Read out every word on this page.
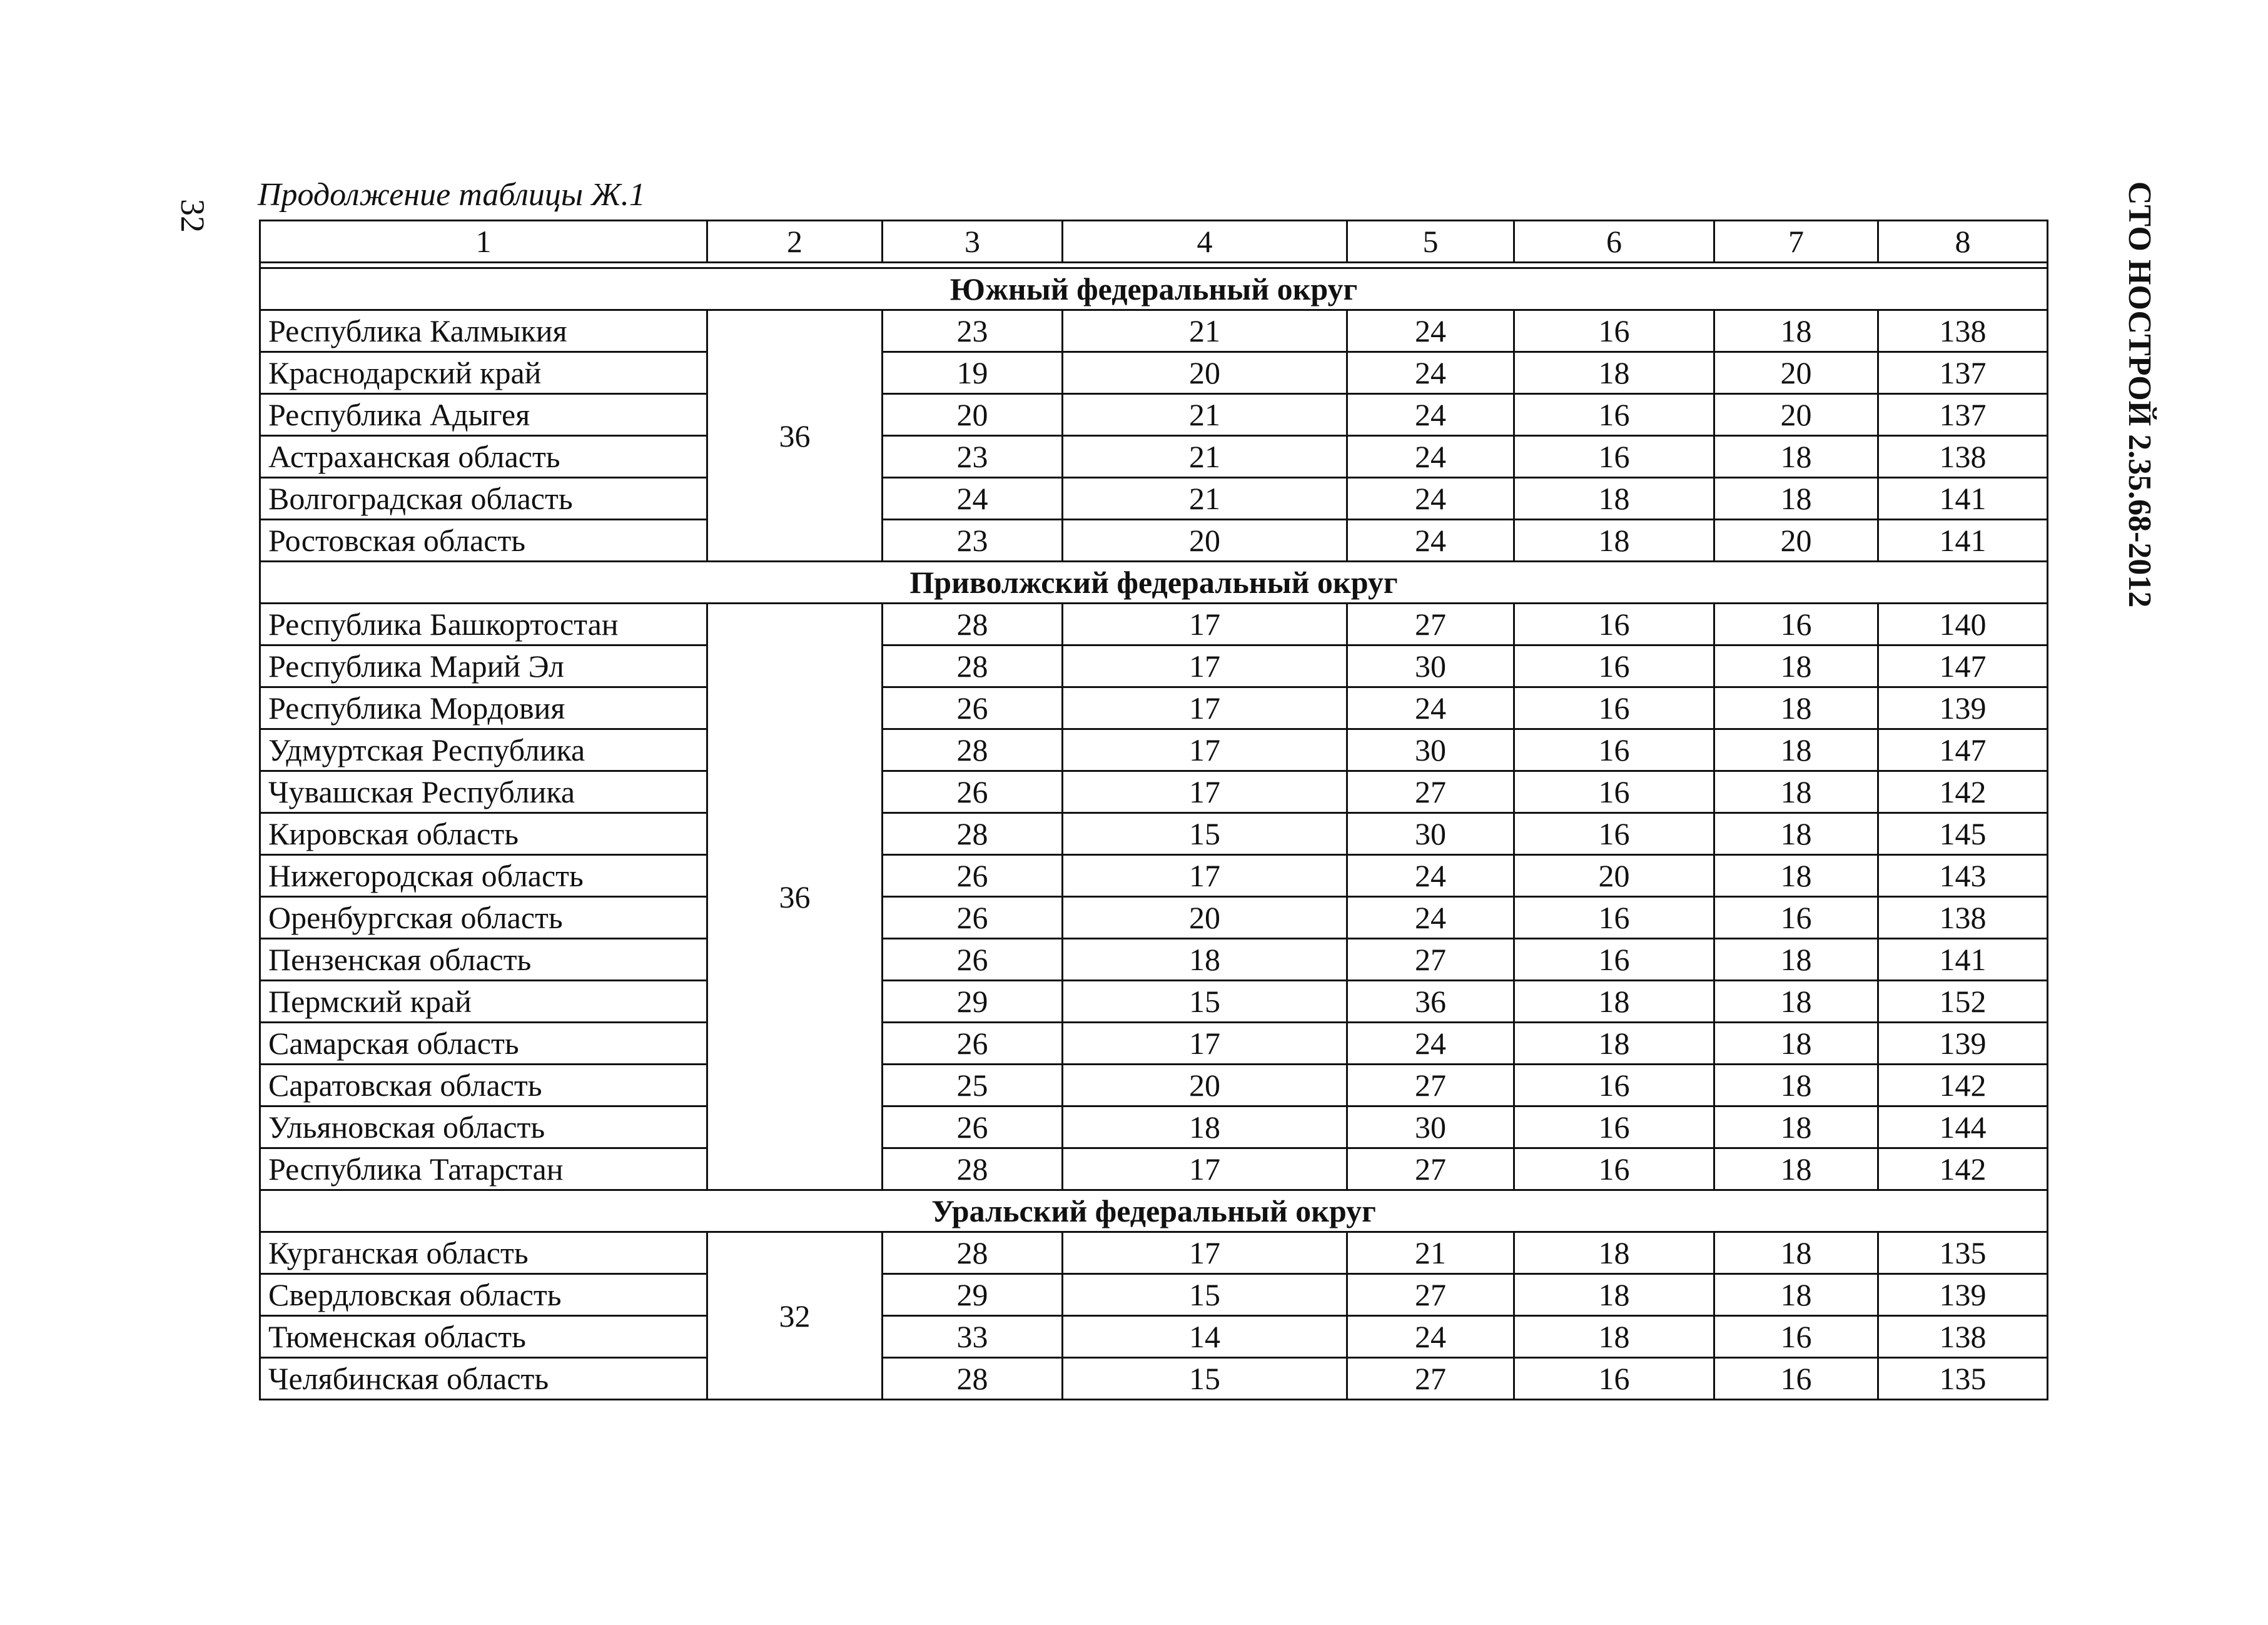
32	СТО НОСТРОЙ 2.35.68-2012
Продолжение таблицы Ж.1
1	2	3	4	5	6	7	8

Южный федеральный округ							
Республика Калмыкия	36	23	21	24	16	18	138
Краснодарский край		19	20	24	18	20	137
Республика Адыгея		20	21	24	16	20	137
Астраханская область		23	21	24	16	18	138
Волгоградская область		24	21	24	18	18	141
Ростовская область		23	20	24	18	20	141
Приволжский федеральный округ							
Республика Башкортостан	36	28	17	27	16	16	140
Республика Марий Эл		28	17	30	16	18	147
Республика Мордовия		26	17	24	16	18	139
Удмуртская Республика		28	17	30	16	18	147
Чувашская Республика		26	17	27	16	18	142
Кировская область		28	15	30	16	18	145
Нижегородская область		26	17	24	20	18	143
Оренбургская область		26	20	24	16	16	138
Пензенская область		26	18	27	16	18	141
Пермский край		29	15	36	18	18	152
Самарская область		26	17	24	18	18	139
Саратовская область		25	20	27	16	18	142
Ульяновская область		26	18	30	16	18	144
Республика Татарстан		28	17	27	16	18	142
Уральский федеральный округ							
Курганская область	32	28	17	21	18	18	135
Свердловская область		29	15	27	18	18	139
Тюменская область		33	14	24	18	16	138
Челябинская область		28	15	27	16	16	135
